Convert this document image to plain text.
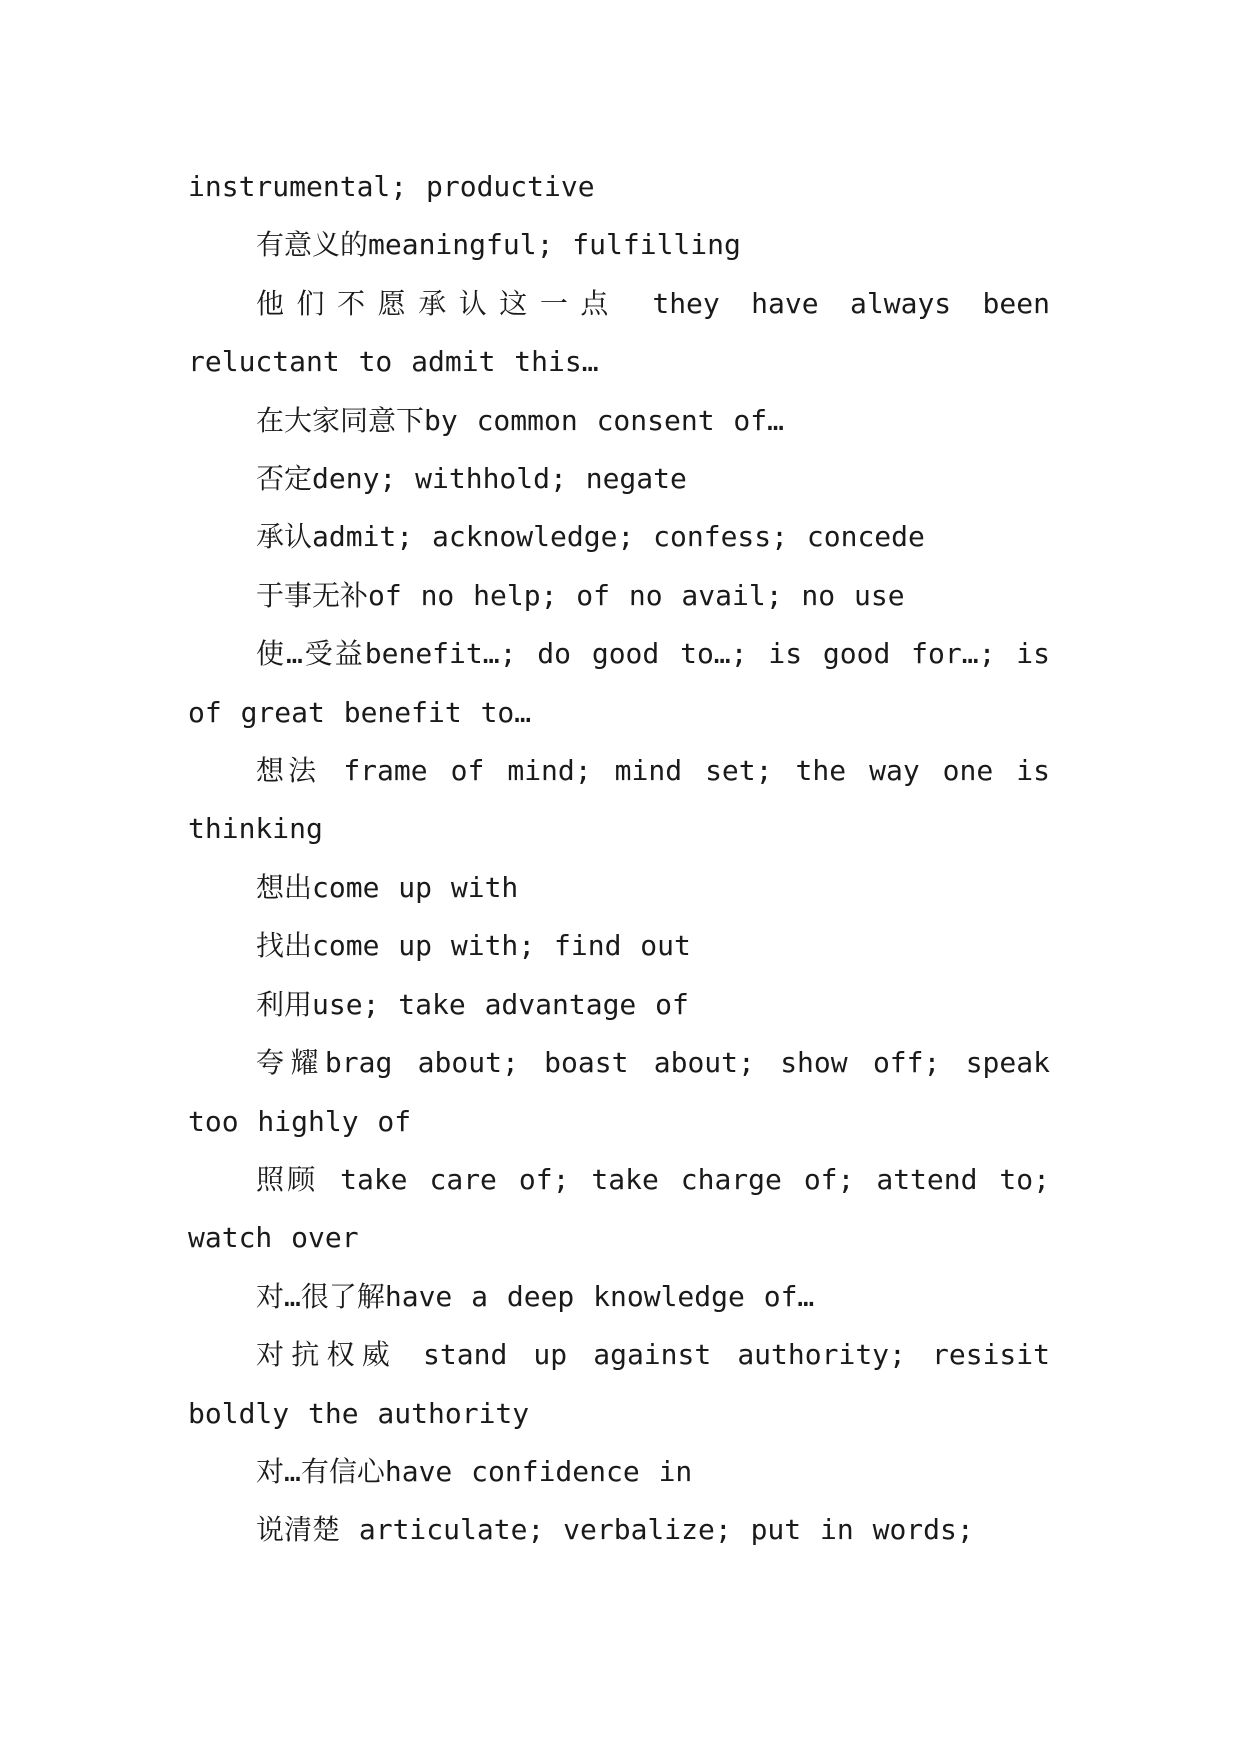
instrumental; productive

有意义的meaningful; fulfilling

他们不愿承认这一点 they have always been reluctant to admit this…

在大家同意下by common consent of…

否定deny; withhold; negate

承认admit; acknowledge; confess; concede

于事无补of no help; of no avail; no use

使…受益benefit…; do good to…; is good for…; is of great benefit to…

想法 frame of mind; mind set; the way one is thinking

想出come up with

找出come up with; find out

利用use; take advantage of

夸耀brag about; boast about; show off; speak too highly of

照顾 take care of; take charge of; attend to; watch over

对…很了解have a deep knowledge of…

对抗权威 stand up against authority; resisit boldly the authority

对…有信心have confidence in

说清楚 articulate; verbalize; put in words;
